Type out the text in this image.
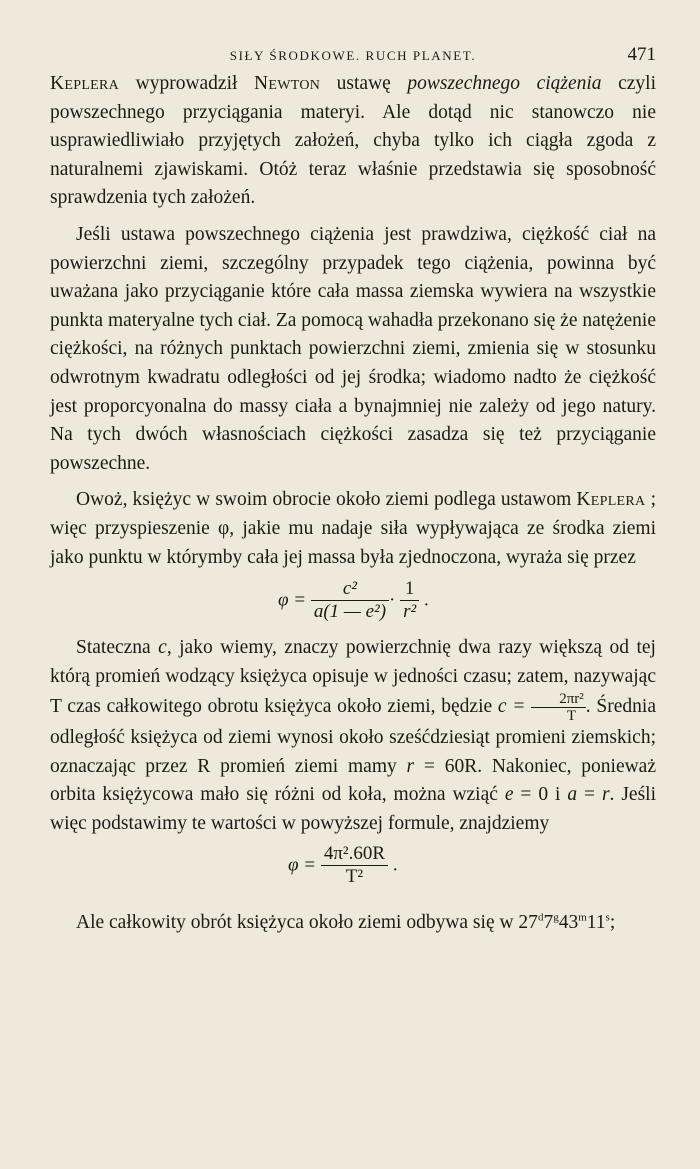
SIŁY ŚRODKOWE. RUCH PLANET.	471

Keplera wyprowadził Newton ustawę powszechnego ciążenia czyli powszechnego przyciągania materyi. Ale dotąd nic stanowczo nie usprawiedliwiało przyjętych założeń, chyba tylko ich ciągła zgoda z naturalnemi zjawiskami. Otóż teraz właśnie przedstawia się sposobność sprawdzenia tych założeń.

Jeśli ustawa powszechnego ciążenia jest prawdziwa, ciężkość ciał na powierzchni ziemi, szczególny przypadek tego ciążenia, powinna być uważana jako przyciąganie które cała massa ziemska wywiera na wszystkie punkta materyalne tych ciał. Za pomocą wahadła przekonano się że natężenie ciężkości, na różnych punktach powierzchni ziemi, zmienia się w stosunku odwrotnym kwadratu odległości od jej środka; wiadomo nadto że ciężkość jest proporcyonalna do massy ciała a bynajmniej nie zależy od jego natury. Na tych dwóch własnościach ciężkości zasadza się też przyciąganie powszechne.

Owoż, księżyc w swoim obrocie około ziemi podlega ustawom Keplera ; więc przyspieszenie φ, jakie mu nadaje siła wypływająca ze środka ziemi jako punktu w którymby cała jej massa była zjednoczona, wyraża się przez

$\varphi = \frac{\text{c²}}{\text{a(1 — e²)}} \cdot \frac{1}{\text{r²}}$ .

Stateczna c, jako wiemy, znaczy powierzchnię dwa razy większą od tej którą promień wodzący księżyca opisuje w jedności czasu; zatem, nazywając T czas całkowitego obrotu księżyca około ziemi, będzie $c = \frac{\text{2πr²}}{T}$ . Średnia odległość księżyca od ziemi wynosi około sześćdziesiąt promieni ziemskich; oznaczając przez R promień ziemi mamy r = 60R. Nakoniec, ponieważ orbita księżycowa mało się różni od koła, można wziąć e = 0 i a = r. Jeśli więc podstawimy te wartości w powyższej formule, znajdziemy

$\varphi = \frac{\text{4π².60R}}{\text{T²}}$ .

Ale całkowity obrót księżyca około ziemi odbywa się w 27$^d$7$^g$43$^m$11$^s$;
